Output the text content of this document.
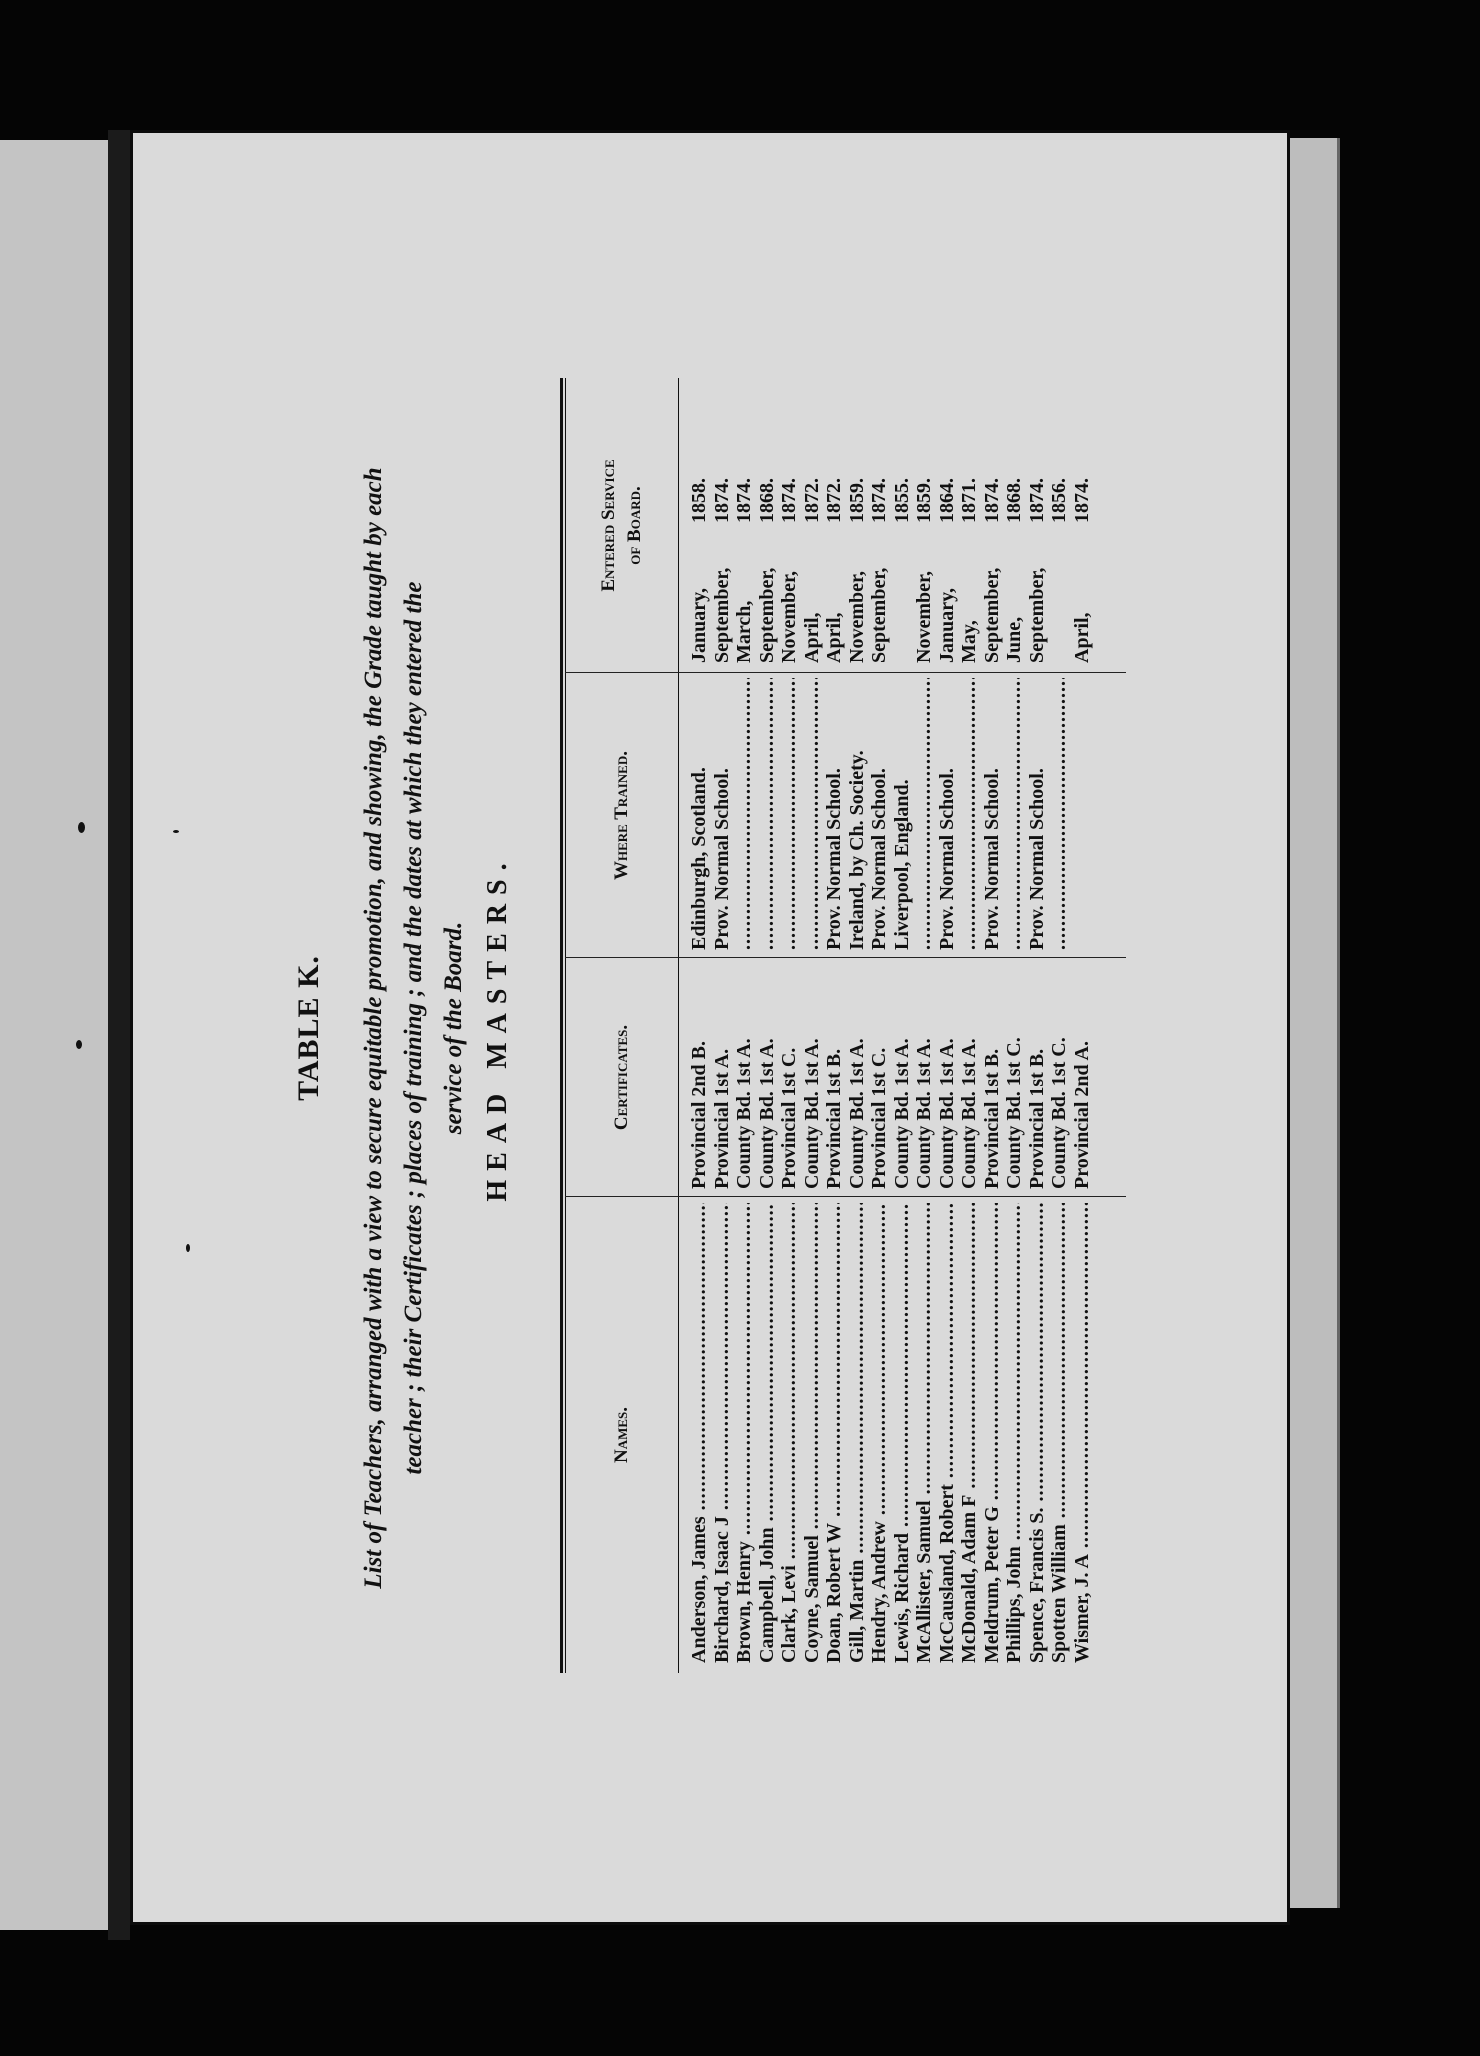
TABLE K. List of Teachers, arranged with a view to secure equitable promotion, and showing, the Grade taught by each teacher ; their Certificates ; places of training ; and the dates at which they entered the service of the Board. HEAD MASTERS.
Names.
Certificates.
Where Trained.
Entered Service of Board.
Anderson, James .....
Provincial 2nd B.
Edinburgh, Scotland.
January,
1858.
Birchard, Isaac J .....
Provincial 1st A.
Prov. Normal School.
September,
1874.
Brown, Henry .....
County Bd. 1st A.
.....
March,
1874.
Campbell, John .....
County Bd. 1st A.
.....
September,
1868.
Clark, Levi .....
Provincial 1st C.
.....
November,
1874.
Coyne, Samuel .....
County Bd. 1st A.
.....
April,
1872.
Doan, Robert W .....
Provincial 1st B.
Prov. Normal School.
April,
1872.
Gill, Martin .....
County Bd. 1st A.
Ireland, by Ch. Society.
November,
1859.
Hendry, Andrew .....
Provincial 1st C.
Prov. Normal School.
September,
1874.
Lewis, Richard .....
County Bd. 1st A.
Liverpool, England.
1855.
McAllister, Samuel .....
County Bd. 1st A.
.....
November,
1859.
McCausland, Robert .....
County Bd. 1st A.
Prov. Normal School.
January,
1864.
McDonald, Adam F .....
County Bd. 1st A.
.....
May,
1871.
Meldrum, Peter G .....
Provincial 1st B.
Prov. Normal School.
September,
1874.
Phillips, John .....
County Bd. 1st C.
.....
June,
1868.
Spence, Francis S. .....
Provincial 1st B.
Prov. Normal School.
September,
1874.
Spotten William .....
County Bd. 1st C.
.....
1856.
Wismer, J. A .....
Provincial 2nd A.
April,
1874.
